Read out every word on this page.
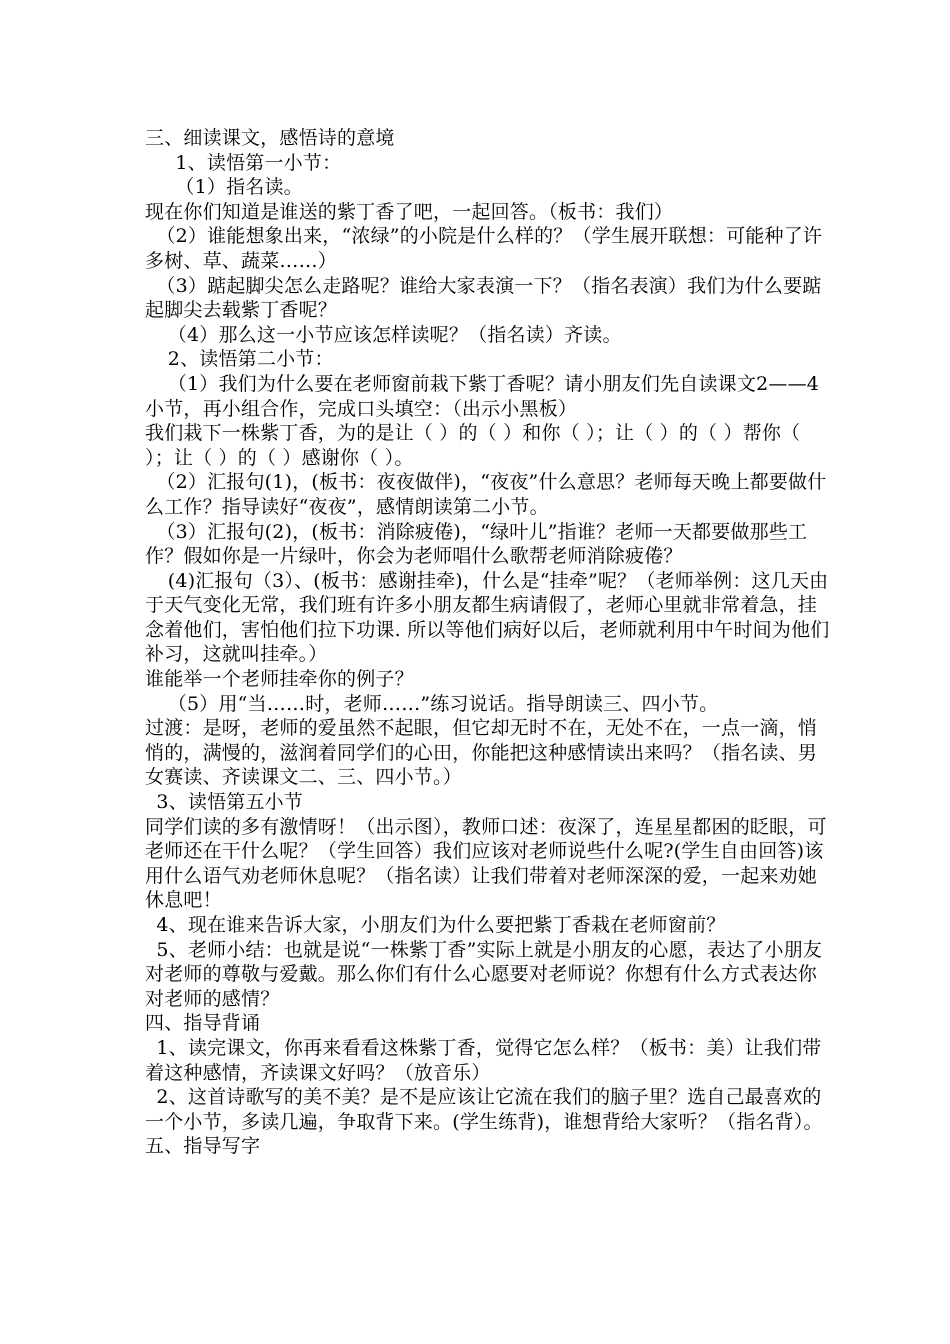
三、细读课文，感悟诗的意境

1、读悟第一小节：

（1）指名读。

现在你们知道是谁送的紫丁香了吧，一起回答。（板书：我们）

（2）谁能想象出来，“浓绿”的小院是什么样的？（学生展开联想：可能种了许多树、草、蔬菜……）

（3）踮起脚尖怎么走路呢？谁给大家表演一下？（指名表演）我们为什么要踮起脚尖去载紫丁香呢？

（4）那么这一小节应该怎样读呢？（指名读）齐读。

2、读悟第二小节：

（1）我们为什么要在老师窗前栽下紫丁香呢？请小朋友们先自读课文2——4小节，再小组合作，完成口头填空：（出示小黑板）

我们栽下一株紫丁香，为的是让（ ）的（ ）和你（ ）；让（ ）的（ ）帮你（ ）；让（ ）的（ ）感谢你（ ）。

（2）汇报句(1)，(板书：夜夜做伴)，“夜夜”什么意思？老师每天晚上都要做什么工作？指导读好“夜夜”，感情朗读第二小节。

（3）汇报句(2)，(板书：消除疲倦)，“绿叶儿”指谁？老师一天都要做那些工作？假如你是一片绿叶，你会为老师唱什么歌帮老师消除疲倦？

(4)汇报句（3）、(板书：感谢挂牵)，什么是“挂牵”呢？（老师举例：这几天由于天气变化无常，我们班有许多小朋友都生病请假了，老师心里就非常着急，挂念着他们，害怕他们拉下功课. 所以等他们病好以后，老师就利用中午时间为他们补习，这就叫挂牵。）

谁能举一个老师挂牵你的例子？

（5）用“当……时，老师……”练习说话。指导朗读三、四小节。

过渡：是呀，老师的爱虽然不起眼，但它却无时不在，无处不在，一点一滴，悄悄的，满慢的，滋润着同学们的心田，你能把这种感情读出来吗？（指名读、男女赛读、齐读课文二、三、四小节。）

3、读悟第五小节

同学们读的多有激情呀！（出示图），教师口述：夜深了，连星星都困的眨眼，可老师还在干什么呢？（学生回答）我们应该对老师说些什么呢?(学生自由回答)该用什么语气劝老师休息呢？（指名读）让我们带着对老师深深的爱，一起来劝她休息吧！

4、现在谁来告诉大家，小朋友们为什么要把紫丁香栽在老师窗前？

5、老师小结：也就是说“一株紫丁香”实际上就是小朋友的心愿，表达了小朋友对老师的尊敬与爱戴。那么你们有什么心愿要对老师说？你想有什么方式表达你对老师的感情？

四、指导背诵

1、读完课文，你再来看看这株紫丁香，觉得它怎么样？（板书：美）让我们带着这种感情，齐读课文好吗？（放音乐）

2、这首诗歌写的美不美？是不是应该让它流在我们的脑子里？选自己最喜欢的一个小节，多读几遍，争取背下来。(学生练背)，谁想背给大家听？（指名背）。

五、指导写字
